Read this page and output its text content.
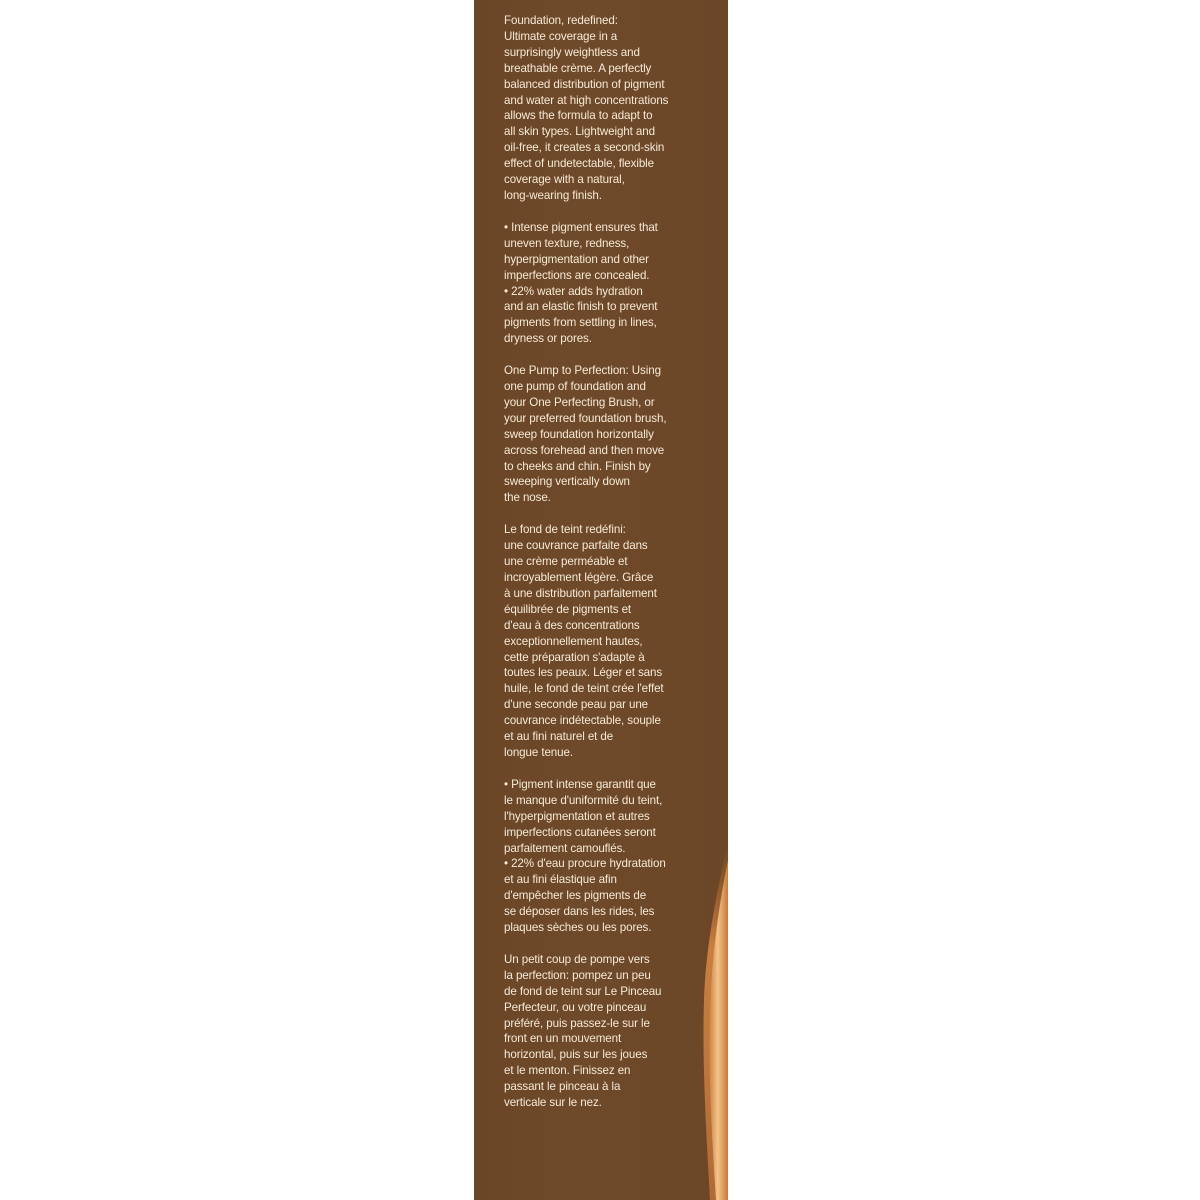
Foundation, redefined:
Ultimate coverage in a
surprisingly weightless and
breathable crème. A perfectly
balanced distribution of pigment
and water at high concentrations
allows the formula to adapt to
all skin types. Lightweight and
oil-free, it creates a second-skin
effect of undetectable, flexible
coverage with a natural,
long-wearing finish.

• Intense pigment ensures that
uneven texture, redness,
hyperpigmentation and other
imperfections are concealed.
• 22% water adds hydration
and an elastic finish to prevent
pigments from settling in lines,
dryness or pores.

One Pump to Perfection: Using
one pump of foundation and
your One Perfecting Brush, or
your preferred foundation brush,
sweep foundation horizontally
across forehead and then move
to cheeks and chin. Finish by
sweeping vertically down
the nose.

Le fond de teint redéfini:
une couvrance parfaite dans
une crème perméable et
incroyablement légère. Grâce
à une distribution parfaitement
équilibrée de pigments et
d'eau à des concentrations
exceptionnellement hautes,
cette préparation s'adapte à
toutes les peaux. Léger et sans
huile, le fond de teint crée l'effet
d'une seconde peau par une
couvrance indétectable, souple
et au fini naturel et de
longue tenue.

• Pigment intense garantit que
le manque d'uniformité du teint,
l'hyperpigmentation et autres
imperfections cutanées seront
parfaitement camouflés.
• 22% d'eau procure hydratation
et au fini élastique afin
d'empêcher les pigments de
se déposer dans les rides, les
plaques sèches ou les pores.

Un petit coup de pompe vers
la perfection: pompez un peu
de fond de teint sur Le Pinceau
Perfecteur, ou votre pinceau
préféré, puis passez-le sur le
front en un mouvement
horizontal, puis sur les joues
et le menton. Finissez en
passant le pinceau à la
verticale sur le nez.
